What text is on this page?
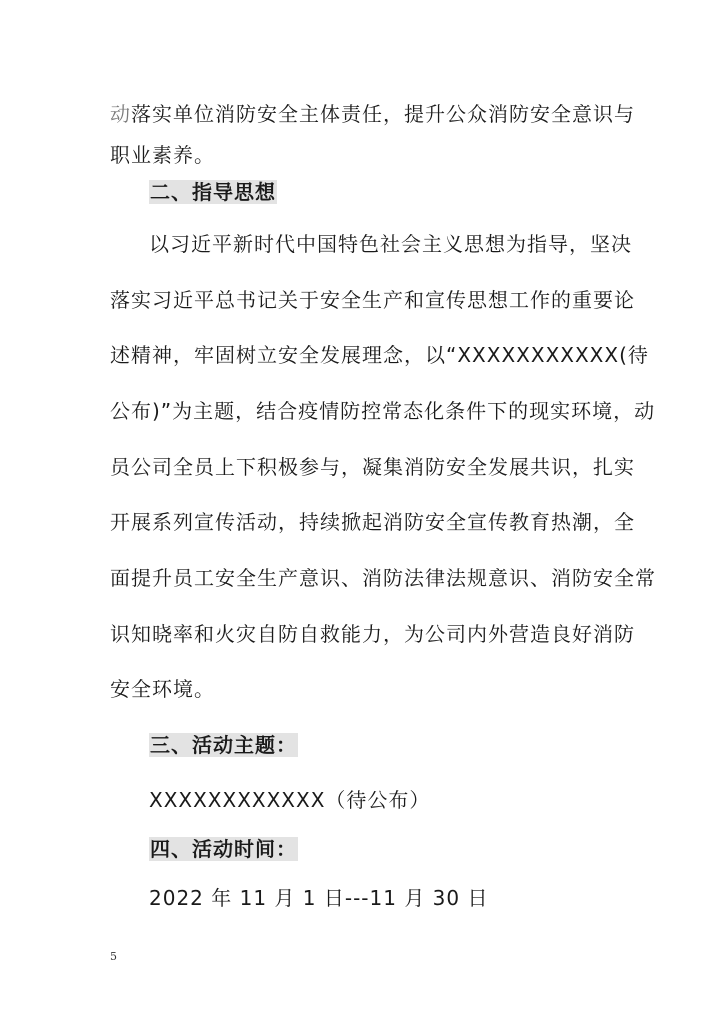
动落实单位消防安全主体责任，提升公众消防安全意识与
职业素养。
二、指导思想
以习近平新时代中国特色社会主义思想为指导，坚决
落实习近平总书记关于安全生产和宣传思想工作的重要论
述精神，牢固树立安全发展理念，以“XXXXXXXXXXX(待
公布)”为主题，结合疫情防控常态化条件下的现实环境，动
员公司全员上下积极参与，凝集消防安全发展共识，扎实
开展系列宣传活动，持续掀起消防安全宣传教育热潮，全
面提升员工安全生产意识、消防法律法规意识、消防安全常
识知晓率和火灾自防自救能力，为公司内外营造良好消防
安全环境。
三、活动主题：
XXXXXXXXXXXX（待公布）
四、活动时间：
2022 年 11 月 1 日---11 月 30 日
5
